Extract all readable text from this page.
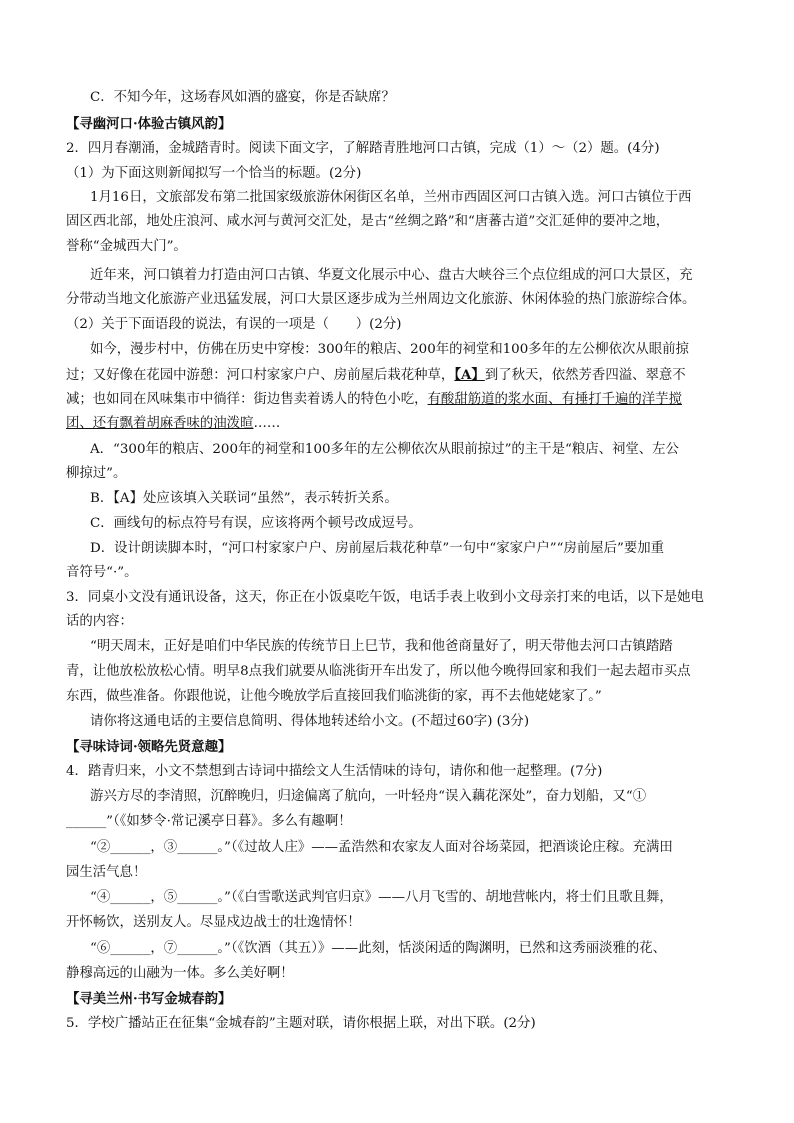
C．不知今年，这场春风如酒的盛宴，你是否缺席？
【寻幽河口·体验古镇风韵】
2．四月春潮涌，金城踏青时。阅读下面文字，了解踏青胜地河口古镇，完成（1）～（2）题。(4分)
（1）为下面这则新闻拟写一个恰当的标题。(2分)
1月16日，文旅部发布第二批国家级旅游休闲街区名单，兰州市西固区河口古镇入选。河口古镇位于西
固区西北部，地处庄浪河、咸水河与黄河交汇处，是古“丝绸之路”和“唐蕃古道”交汇延伸的要冲之地，
誉称“金城西大门”。
近年来，河口镇着力打造由河口古镇、华夏文化展示中心、盘古大峡谷三个点位组成的河口大景区，充
分带动当地文化旅游产业迅猛发展，河口大景区逐步成为兰州周边文化旅游、休闲体验的热门旅游综合体。
（2）关于下面语段的说法，有误的一项是（　　）(2分)
如今，漫步村中，仿佛在历史中穿梭：300年的粮店、200年的祠堂和100多年的左公柳依次从眼前掠
过；又好像在花园中游憩：河口村家家户户、房前屋后栽花种草，【A】到了秋天，依然芳香四溢、翠意不
减；也如同在风味集市中徜徉：街边售卖着诱人的特色小吃，有酸甜筋道的浆水面、有捶打千遍的洋芋搅
团、还有飘着胡麻香味的油泼暄……
A．“300年的粮店、200年的祠堂和100多年的左公柳依次从眼前掠过”的主干是“粮店、祠堂、左公
柳掠过”。
B．【A】处应该填入关联词“虽然”，表示转折关系。
C．画线句的标点符号有误，应该将两个顿号改成逗号。
D．设计朗读脚本时，“河口村家家户户、房前屋后栽花种草”一句中“家家户户”“房前屋后”要加重
音符号“·”。
3．同桌小文没有通讯设备，这天，你正在小饭桌吃午饭，电话手表上收到小文母亲打来的电话，以下是她电
话的内容：
“明天周末，正好是咱们中华民族的传统节日上巳节，我和他爸商量好了，明天带他去河口古镇踏踏
青，让他放松放松心情。明早8点我们就要从临洮街开车出发了，所以他今晚得回家和我们一起去超市买点
东西，做些准备。你跟他说，让他今晚放学后直接回我们临洮街的家，再不去他姥姥家了。”
请你将这通电话的主要信息简明、得体地转述给小文。(不超过60字) (3分)
【寻味诗词·领略先贤意趣】
4．踏青归来，小文不禁想到古诗词中描绘文人生活情味的诗句，请你和他一起整理。(7分)
游兴方尽的李清照，沉醉晚归，归途偏离了航向，一叶轻舟“误入藕花深处”，奋力划船，又“①
______”（《如梦令·常记溪亭日暮》。多么有趣啊！
“②______，③______。”（《过故人庄》——孟浩然和农家友人面对谷场菜园，把酒谈论庄稼。充满田
园生活气息！
“④______，⑤______。”（《白雪歌送武判官归京》——八月飞雪的、胡地营帐内，将士们且歌且舞，
开怀畅饮，送别友人。尽显戍边战士的壮逸情怀！
“⑥______，⑦______。”（《饮酒（其五）》——此刻，恬淡闲适的陶渊明，已然和这秀丽淡雅的花、
静穆高远的山融为一体。多么美好啊！
【寻美兰州·书写金城春韵】
5．学校广播站正在征集“金城春韵”主题对联，请你根据上联，对出下联。(2分)
